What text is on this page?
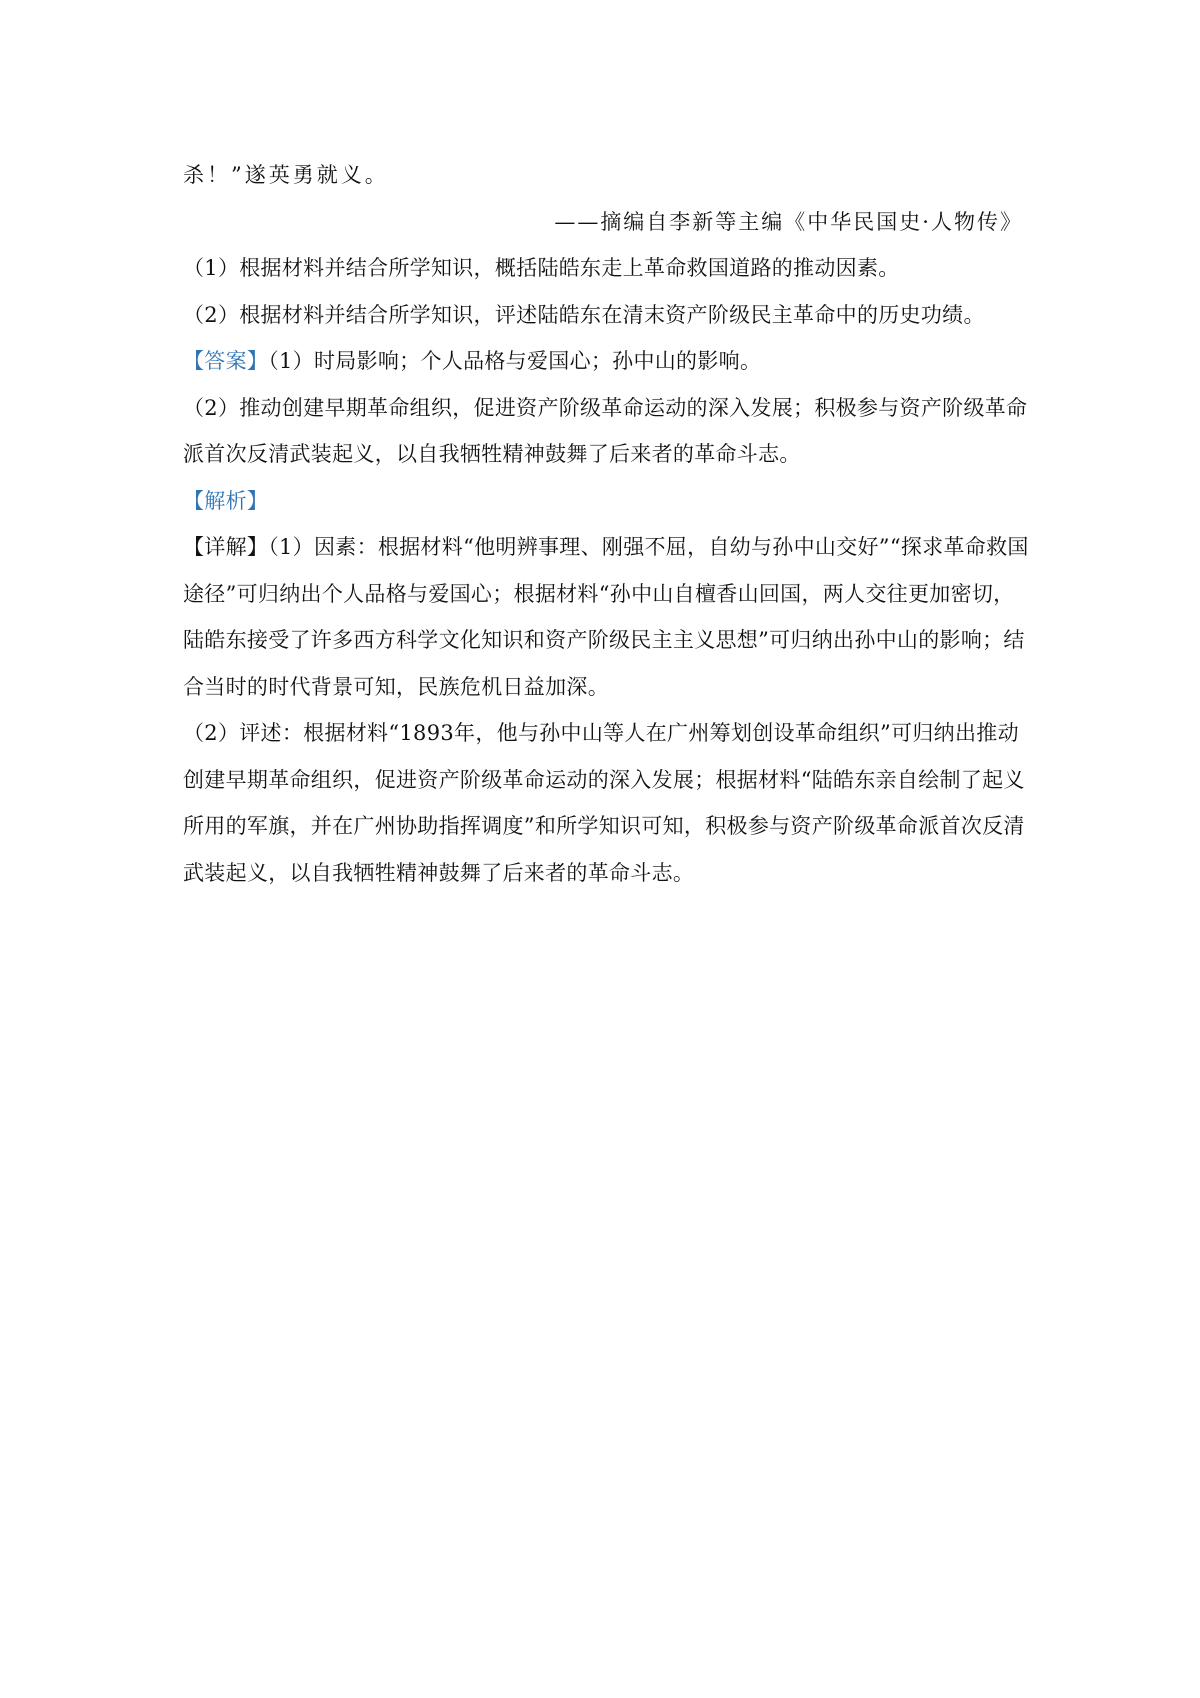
杀！”遂英勇就义。
——摘编自李新等主编《中华民国史·人物传》
（1）根据材料并结合所学知识，概括陆皓东走上革命救国道路的推动因素。
（2）根据材料并结合所学知识，评述陆皓东在清末资产阶级民主革命中的历史功绩。
【答案】（1）时局影响；个人品格与爱国心；孙中山的影响。
（2）推动创建早期革命组织，促进资产阶级革命运动的深入发展；积极参与资产阶级革命
派首次反清武装起义，以自我牺牲精神鼓舞了后来者的革命斗志。
【解析】
【详解】（1）因素：根据材料“他明辨事理、刚强不屈，自幼与孙中山交好”“探求革命救国
途径”可归纳出个人品格与爱国心；根据材料“孙中山自檀香山回国，两人交往更加密切，
陆皓东接受了许多西方科学文化知识和资产阶级民主主义思想”可归纳出孙中山的影响；结
合当时的时代背景可知，民族危机日益加深。
（2）评述：根据材料“1893年，他与孙中山等人在广州筹划创设革命组织”可归纳出推动
创建早期革命组织，促进资产阶级革命运动的深入发展；根据材料“陆皓东亲自绘制了起义
所用的军旗，并在广州协助指挥调度”和所学知识可知，积极参与资产阶级革命派首次反清
武装起义，以自我牺牲精神鼓舞了后来者的革命斗志。
